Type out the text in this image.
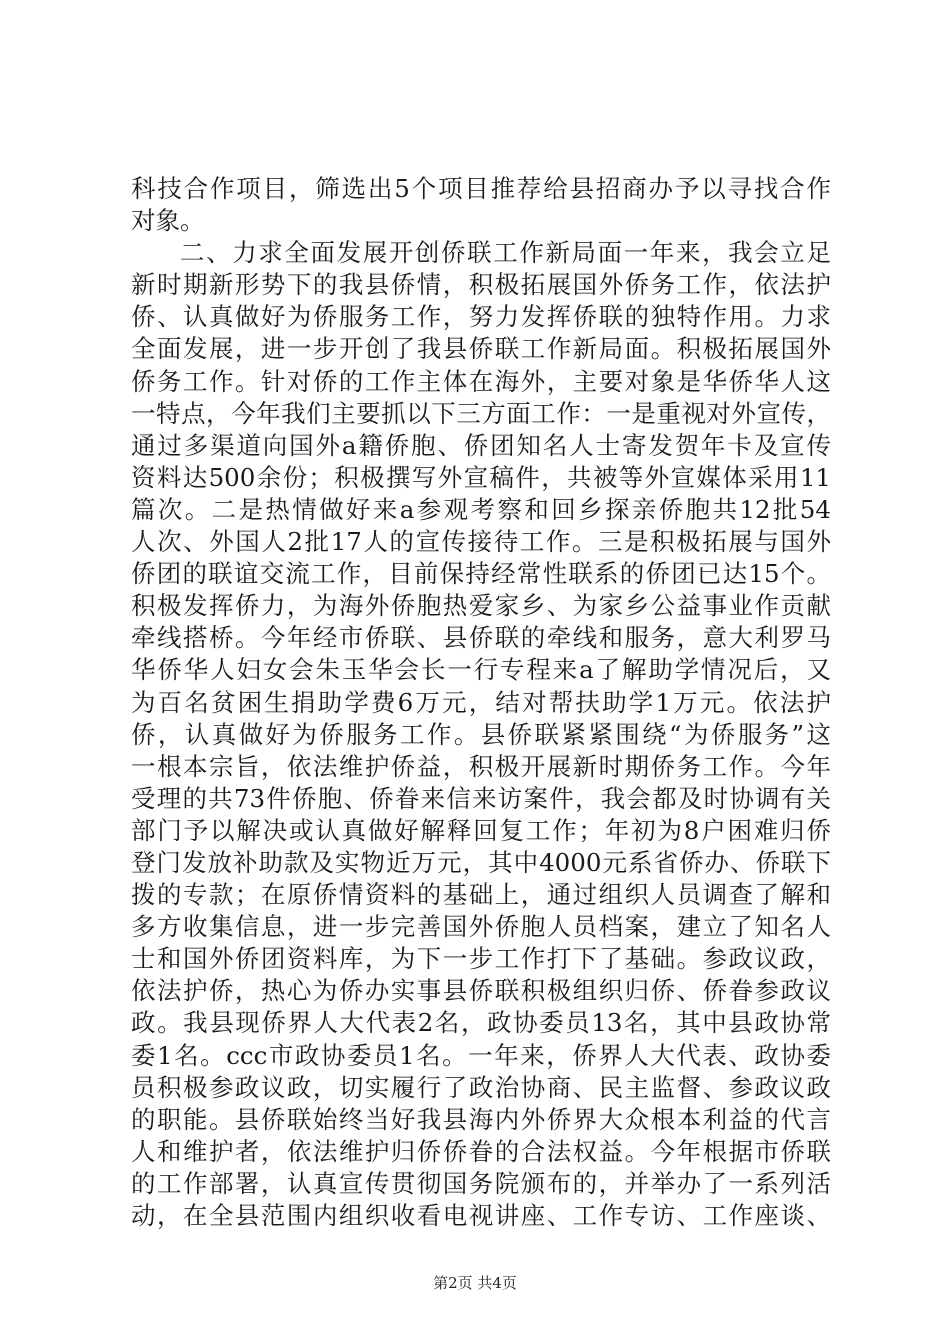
科技合作项目，筛选出5个项目推荐给县招商办予以寻找合作
对象。
二、力求全面发展开创侨联工作新局面一年来，我会立足
新时期新形势下的我县侨情，积极拓展国外侨务工作，依法护
侨、认真做好为侨服务工作，努力发挥侨联的独特作用。力求
全面发展，进一步开创了我县侨联工作新局面。积极拓展国外
侨务工作。针对侨的工作主体在海外，主要对象是华侨华人这
一特点，今年我们主要抓以下三方面工作：一是重视对外宣传，
通过多渠道向国外a籍侨胞、侨团知名人士寄发贺年卡及宣传
资料达500余份；积极撰写外宣稿件，共被等外宣媒体采用11
篇次。二是热情做好来a参观考察和回乡探亲侨胞共12批54
人次、外国人2批17人的宣传接待工作。三是积极拓展与国外
侨团的联谊交流工作，目前保持经常性联系的侨团已达15个。
积极发挥侨力，为海外侨胞热爱家乡、为家乡公益事业作贡献
牵线搭桥。今年经市侨联、县侨联的牵线和服务，意大利罗马
华侨华人妇女会朱玉华会长一行专程来a了解助学情况后，又
为百名贫困生捐助学费6万元，结对帮扶助学1万元。依法护
侨，认真做好为侨服务工作。县侨联紧紧围绕“为侨服务”这
一根本宗旨，依法维护侨益，积极开展新时期侨务工作。今年
受理的共73件侨胞、侨眷来信来访案件，我会都及时协调有关
部门予以解决或认真做好解释回复工作；年初为8户困难归侨
登门发放补助款及实物近万元，其中4000元系省侨办、侨联下
拨的专款；在原侨情资料的基础上，通过组织人员调查了解和
多方收集信息，进一步完善国外侨胞人员档案，建立了知名人
士和国外侨团资料库，为下一步工作打下了基础。参政议政，
依法护侨，热心为侨办实事县侨联积极组织归侨、侨眷参政议
政。我县现侨界人大代表2名，政协委员13名，其中县政协常
委1名。ccc市政协委员1名。一年来，侨界人大代表、政协委
员积极参政议政，切实履行了政治协商、民主监督、参政议政
的职能。县侨联始终当好我县海内外侨界大众根本利益的代言
人和维护者，依法维护归侨侨眷的合法权益。今年根据市侨联
的工作部署，认真宣传贯彻国务院颁布的，并举办了一系列活
动，在全县范围内组织收看电视讲座、工作专访、工作座谈、
第2页 共4页
